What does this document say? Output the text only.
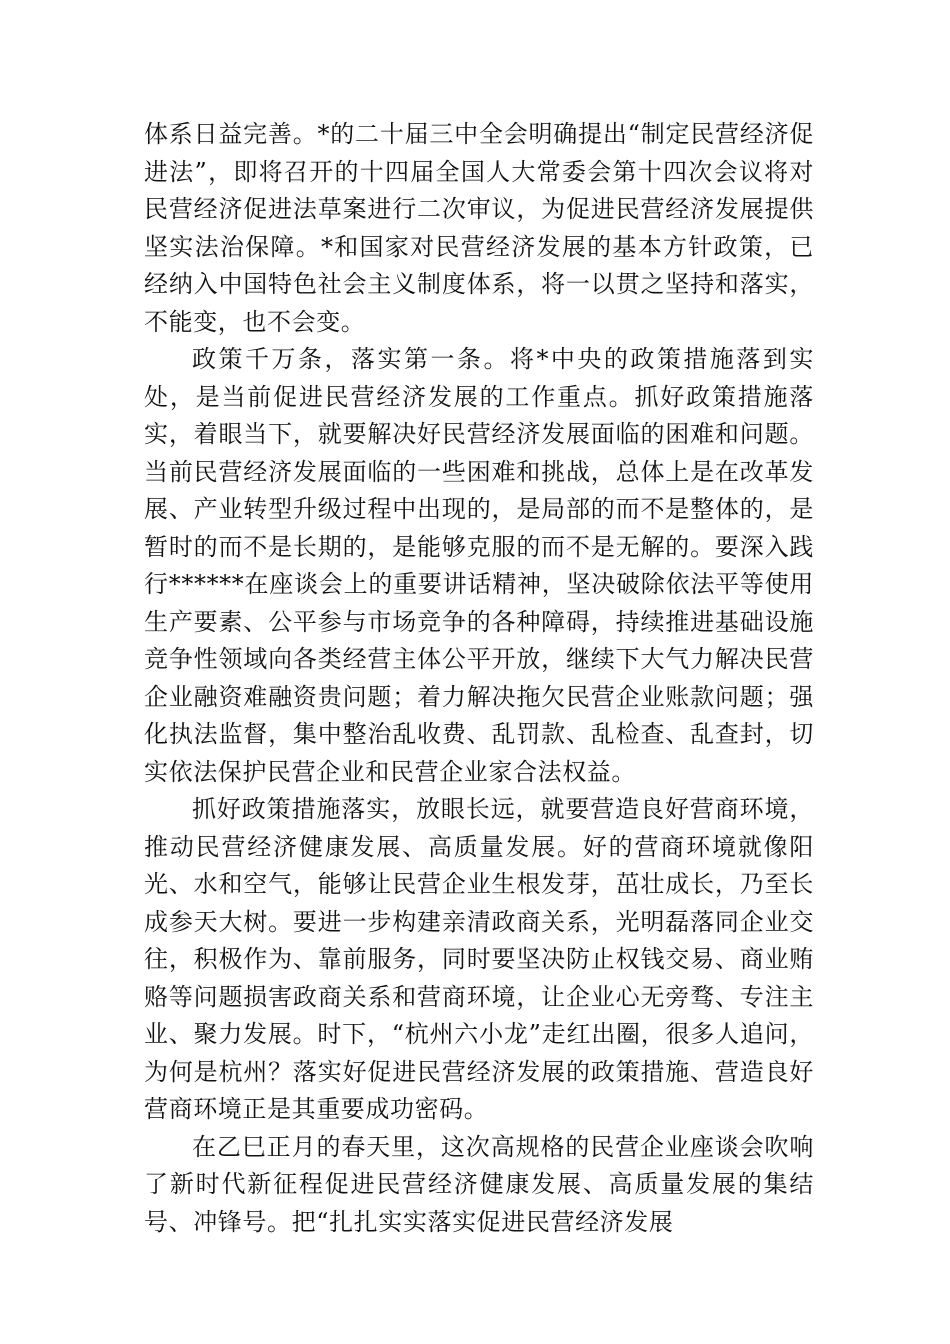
体系日益完善。*的二十届三中全会明确提出“制定民营经济促进法”，即将召开的十四届全国人大常委会第十四次会议将对民营经济促进法草案进行二次审议，为促进民营经济发展提供坚实法治保障。*和国家对民营经济发展的基本方针政策，已经纳入中国特色社会主义制度体系，将一以贯之坚持和落实，不能变，也不会变。

政策千万条，落实第一条。将*中央的政策措施落到实处，是当前促进民营经济发展的工作重点。抓好政策措施落实，着眼当下，就要解决好民营经济发展面临的困难和问题。当前民营经济发展面临的一些困难和挑战，总体上是在改革发展、产业转型升级过程中出现的，是局部的而不是整体的，是暂时的而不是长期的，是能够克服的而不是无解的。要深入践行******在座谈会上的重要讲话精神，坚决破除依法平等使用生产要素、公平参与市场竞争的各种障碍，持续推进基础设施竞争性领域向各类经营主体公平开放，继续下大气力解决民营企业融资难融资贵问题；着力解决拖欠民营企业账款问题；强化执法监督，集中整治乱收费、乱罚款、乱检查、乱查封，切实依法保护民营企业和民营企业家合法权益。

抓好政策措施落实，放眼长远，就要营造良好营商环境，推动民营经济健康发展、高质量发展。好的营商环境就像阳光、水和空气，能够让民营企业生根发芽，茁壮成长，乃至长成参天大树。要进一步构建亲清政商关系，光明磊落同企业交往，积极作为、靠前服务，同时要坚决防止权钱交易、商业贿赂等问题损害政商关系和营商环境，让企业心无旁骛、专注主业、聚力发展。时下，“杭州六小龙”走红出圈，很多人追问，为何是杭州？落实好促进民营经济发展的政策措施、营造良好营商环境正是其重要成功密码。

在乙巳正月的春天里，这次高规格的民营企业座谈会吹响了新时代新征程促进民营经济健康发展、高质量发展的集结号、冲锋号。把“扎扎实实落实促进民营经济发展
